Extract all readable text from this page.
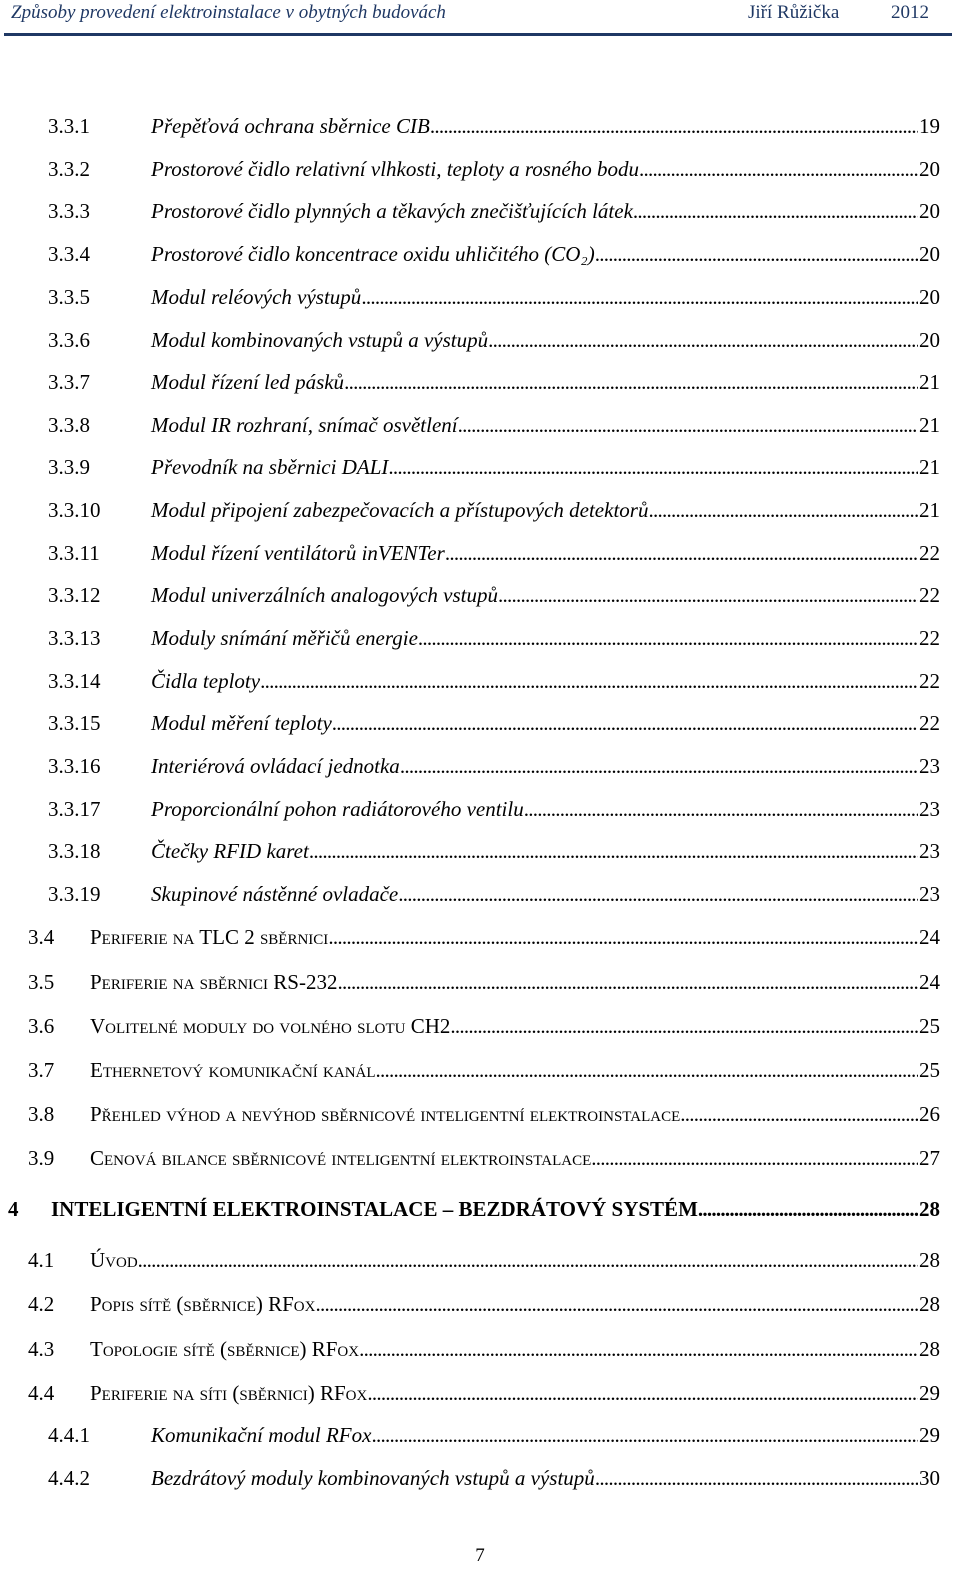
Způsoby provedení elektroinstalace v obytných budovách	Jiří Růžička	2012
3.3.1	Přepěťová ochrana sběrnice CIB . . .	19
3.3.2	Prostorové čidlo relativní vlhkosti, teploty a rosného bodu . . .	20
3.3.3	Prostorové čidlo plynných a těkavých znečišťujících látek . . .	20
3.3.4	Prostorové čidlo koncentrace oxidu uhličitého (CO₂) . . .	20
3.3.5	Modul reléových výstupů . . .	20
3.3.6	Modul kombinovaných vstupů a výstupů . . .	20
3.3.7	Modul řízení led pásků . . .	21
3.3.8	Modul IR rozhraní, snímač osvětlení . . .	21
3.3.9	Převodník na sběrnici DALI . . .	21
3.3.10	Modul připojení zabezpečovacích a přístupových detektorů . . .	21
3.3.11	Modul řízení ventilátorů inVENTer . . .	22
3.3.12	Modul univerzálních analogových vstupů . . .	22
3.3.13	Moduly snímání měřičů energie . . .	22
3.3.14	Čidla teploty . . .	22
3.3.15	Modul měření teploty . . .	22
3.3.16	Interiérová ovládací jednotka . . .	23
3.3.17	Proporcionální pohon radiátorového ventilu . . .	23
3.3.18	Čtečky RFID karet . . .	23
3.3.19	Skupinové nástěnné ovladače . . .	23
3.4	Periferie na TLC 2 sběrnici . . .	24
3.5	Periferie na sběrnici RS-232 . . .	24
3.6	Volitelné moduly do volného slotu CH2 . . .	25
3.7	Ethernetový komunikační kanál . . .	25
3.8	Přehled výhod a nevýhod sběrnicové inteligentní elektroinstalace . . .	26
3.9	Cenová bilance sběrnicové inteligentní elektroinstalace . . .	27
4	INTELIGENTNÍ ELEKTROINSTALACE – BEZDRÁTOVÝ SYSTÉM . . .	28
4.1	Úvod . . .	28
4.2	Popis sítě (sběrnice) RFox . . .	28
4.3	Topologie sítě (sběrnice) RFox . . .	28
4.4	Periferie na síti (sběrnici) RFox . . .	29
4.4.1	Komunikační modul RFox . . .	29
4.4.2	Bezdrátový moduly kombinovaných vstupů a výstupů . . .	30
7
